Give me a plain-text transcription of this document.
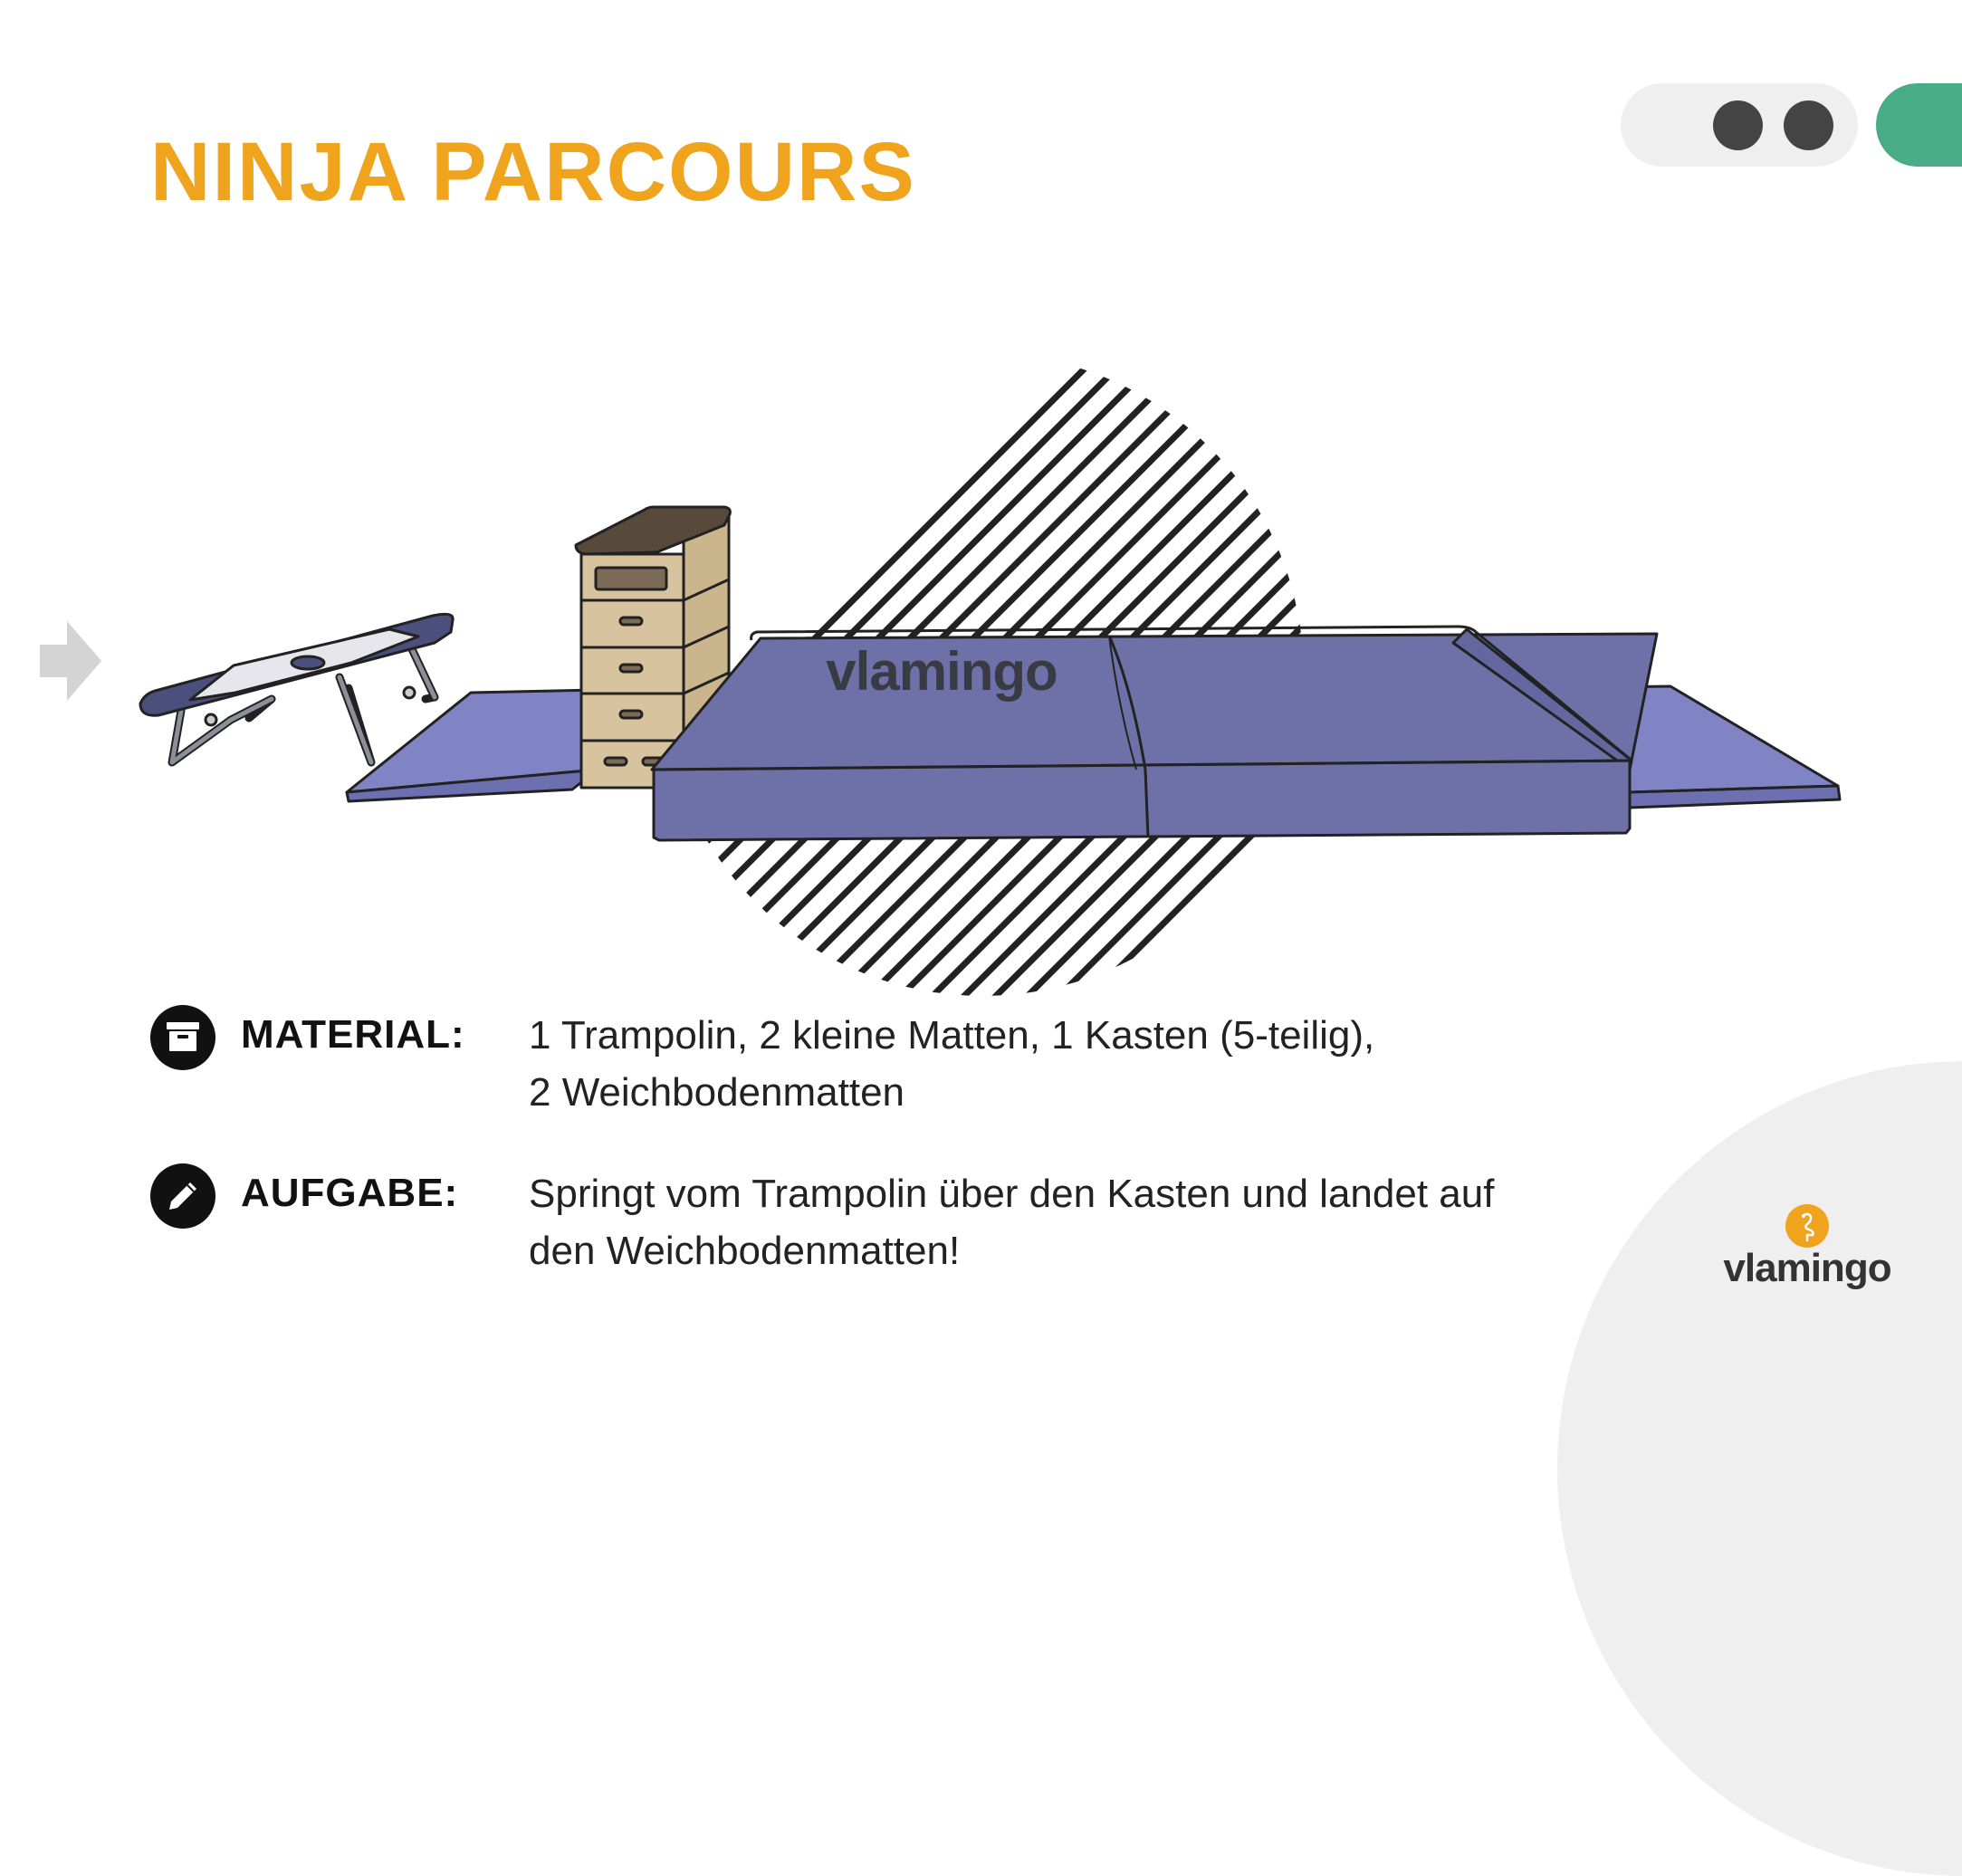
NINJA PARCOURS
vlamingo
MATERIAL: 1 Trampolin, 2 kleine Matten, 1 Kasten (5-teilig),
2 Weichbodenmatten
AUFGABE: Springt vom Trampolin über den Kasten und landet auf
den Weichbodenmatten!	vlamingo
